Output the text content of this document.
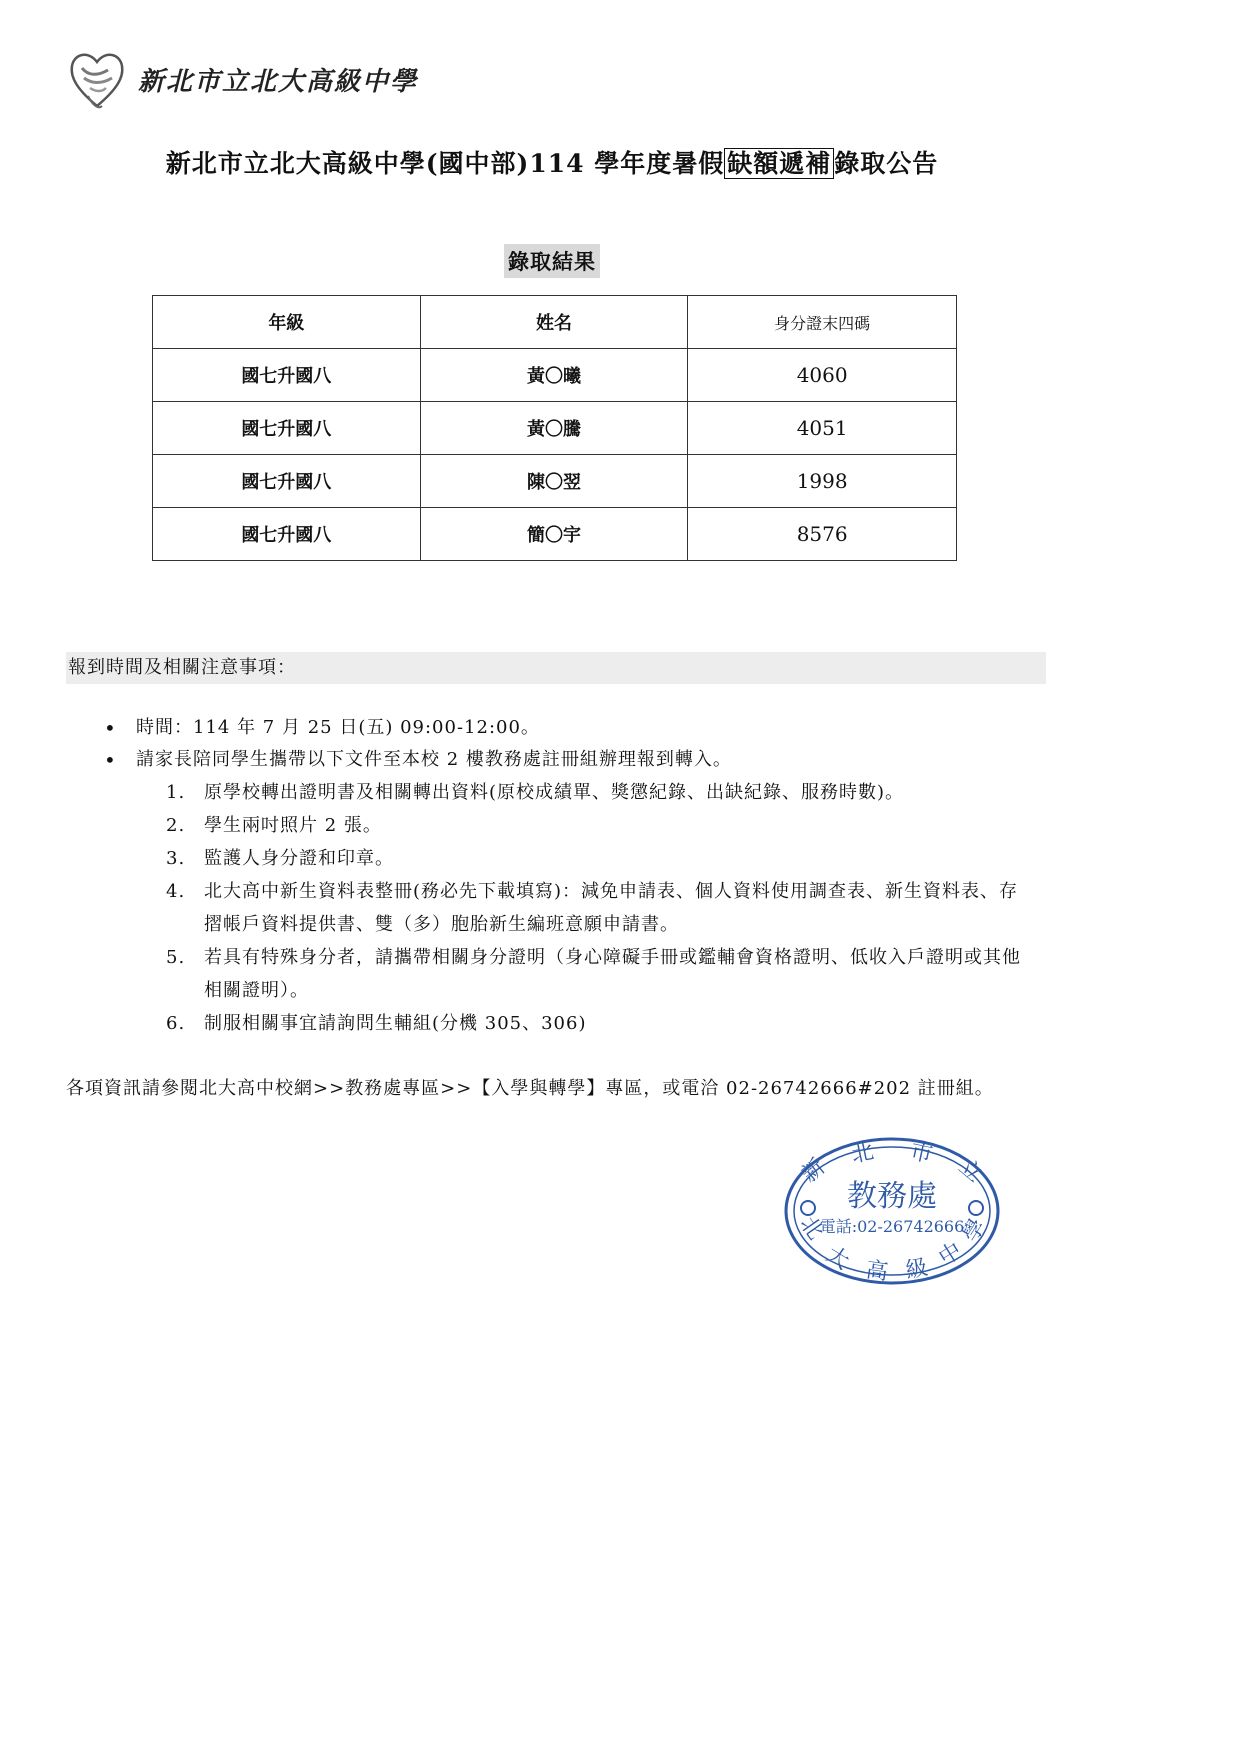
新北市立北大高級中學
新北市立北大高級中學(國中部)114 學年度暑假 缺額遞補 錄取公告
錄取結果
年級	姓名	身分證末四碼
國七升國八	黃〇曦	4060
國七升國八	黃〇騰	4051
國七升國八	陳〇翌	1998
國七升國八	簡〇宇	8576
報到時間及相關注意事項：
• 時間：114 年 7 月 25 日(五) 09:00-12:00。
• 請家長陪同學生攜帶以下文件至本校 2 樓教務處註冊組辦理報到轉入。
1. 原學校轉出證明書及相關轉出資料(原校成績單、獎懲紀錄、出缺紀錄、服務時數)。
2. 學生兩吋照片 2 張。
3. 監護人身分證和印章。
4. 北大高中新生資料表整冊(務必先下載填寫)：減免申請表、個人資料使用調查表、新生資料表、存摺帳戶資料提供書、雙（多）胞胎新生編班意願申請書。
5. 若具有特殊身分者，請攜帶相關身分證明（身心障礙手冊或鑑輔會資格證明、低收入戶證明或其他相關證明）。
6. 制服相關事宜請詢問生輔組(分機 305、306)
各項資訊請參閱北大高中校網>>教務處專區>>【入學與轉學】專區，或電洽 02-26742666#202 註冊組。
新
北 市
立
北
大 高 級 中
學
教務處
電話:02-26742666
